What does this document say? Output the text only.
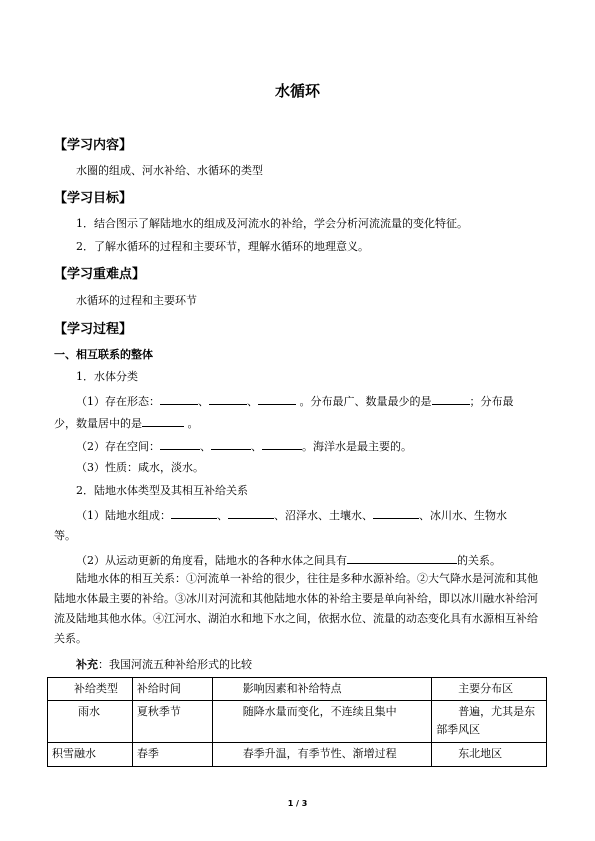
水循环
【学习内容】
水圈的组成、河水补给、水循环的类型
【学习目标】
1．结合图示了解陆地水的组成及河流水的补给，学会分析河流流量的变化特征。
2．了解水循环的过程和主要环节，理解水循环的地理意义。
【学习重难点】
水循环的过程和主要环节
【学习过程】
一、相互联系的整体
1．水体分类
（1）存在形态：	、	、	。分布最广、数量最少的是	；分布最
少，数量居中的是	。
（2）存在空间：	、	、	。海洋水是最主要的。
（3）性质：咸水，淡水。
2．陆地水体类型及其相互补给关系
（1）陆地水组成：	、	、沼泽水、土壤水、	、冰川水、生物水
等。
（2）从运动更新的角度看，陆地水的各种水体之间具有	的关系。
陆地水体的相互关系：①河流单一补给的很少，往往是多种水源补给。②大气降水是河流和其他陆地水体最主要的补给。③冰川对河流和其他陆地水体的补给主要是单向补给，即以冰川融水补给河流及陆地其他水体。④江河水、湖泊水和地下水之间，依据水位、流量的动态变化具有水源相互补给关系。
补充：我国河流五种补给形式的比较
补给类型	补给时间	影响因素和补给特点	主要分布区
雨水	夏秋季节	随降水量而变化，不连续且集中	普遍，尤其是东部季风区
积雪融水	春季	春季升温，有季节性、渐增过程	东北地区
1 / 3
